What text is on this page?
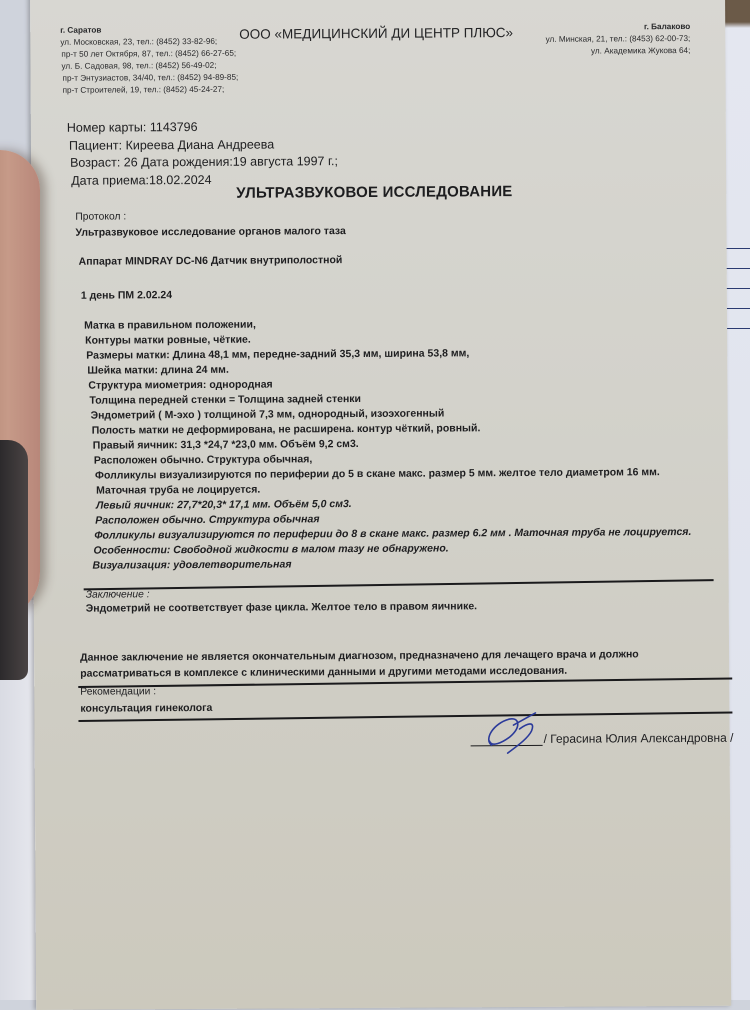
г. Саратов
ул. Московская, 23, тел.: (8452) 33-82-96;
пр-т 50 лет Октября, 87, тел.: (8452) 66-27-65;
ул. Б. Садовая, 98, тел.: (8452) 56-49-02;
пр-т Энтузиастов, 34/40, тел.: (8452) 94-89-85;
пр-т Строителей, 19, тел.: (8452) 45-24-27;
ООО «МЕДИЦИНСКИЙ ДИ ЦЕНТР ПЛЮС»	г. Балаково
ул. Минская, 21, тел.: (8453) 62-00-73;
ул. Академика Жукова 64;
Номер карты: 1143796
Пациент: Киреева Диана Андреева
Возраст: 26 Дата рождения:19 августа 1997 г.;
Дата приема:18.02.2024
УЛЬТРАЗВУКОВОЕ ИССЛЕДОВАНИЕ
Протокол :
Ультразвуковое исследование органов малого таза
Аппарат MINDRAY DC-N6 Датчик внутриполостной
1 день ПМ 2.02.24
Матка в правильном положении,
Контуры матки ровные, чёткие.
Размеры матки: Длина 48,1 мм, передне-задний 35,3 мм, ширина 53,8 мм,
Шейка матки: длина 24 мм.
Структура миометрия: однородная
Толщина передней стенки = Толщина задней стенки
Эндометрий ( М-эхо ) толщиной 7,3 мм, однородный, изоэхогенный
Полость матки не деформирована, не расширена. контур чёткий, ровный.
Правый яичник: 31,3 *24,7 *23,0 мм. Объём 9,2 см3.
Расположен обычно. Структура обычная,
Фолликулы визуализируются по периферии до 5 в скане макс. размер 5 мм. желтое тело диаметром 16 мм.
Маточная труба не лоцируется.
Левый яичник: 27,7*20,3* 17,1 мм. Объём 5,0 см3.
Расположен обычно. Структура обычная
Фолликулы визуализируются по периферии до 8 в скане макс. размер 6.2 мм . Маточная труба не лоцируется.
Особенности: Свободной жидкости в малом тазу не обнаружено.
Визуализация: удовлетворительная
Заключение :
Эндометрий не соответствует фазе цикла. Желтое тело в правом яичнике.
Данное заключение не является окончательным диагнозом, предназначено для лечащего врача и должно
рассматриваться в комплексе с клиническими данными и другими методами исследования.
Рекомендации :
консультация гинеколога
/ Герасина Юлия Александровна /
